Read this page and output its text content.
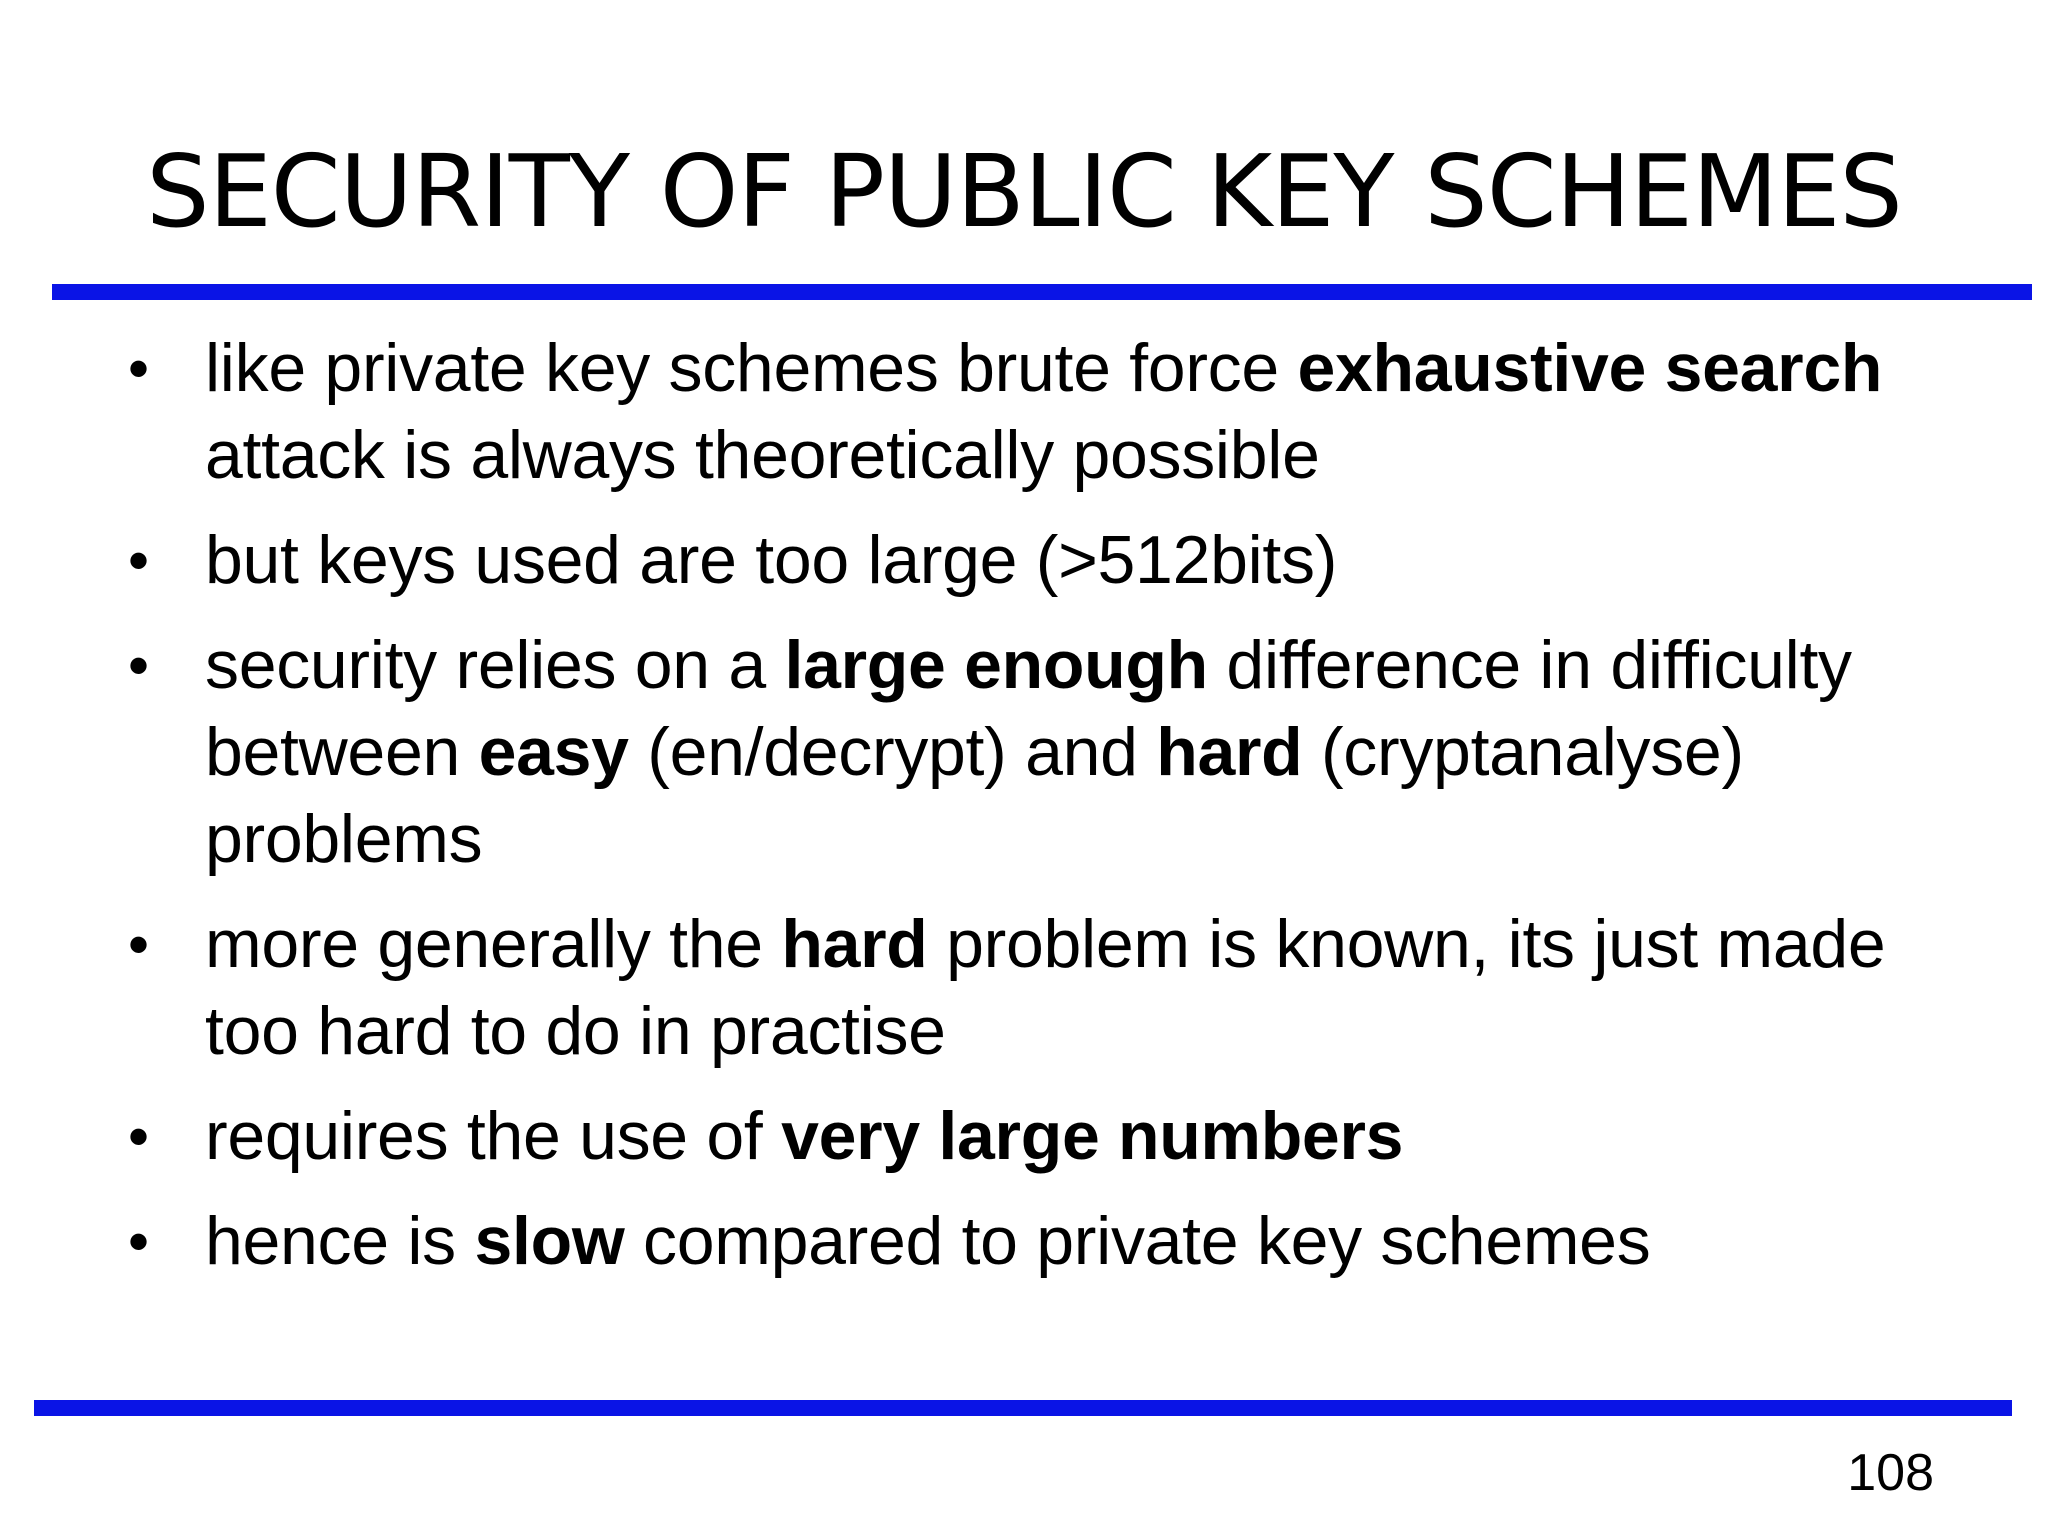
SECURITY OF PUBLIC KEY SCHEMES
• like private key schemes brute force exhaustive search attack is always theoretically possible
• but keys used are too large (>512bits)
• security relies on a large enough difference in difficulty between easy (en/decrypt) and hard (cryptanalyse) problems
• more generally the hard problem is known, its just made too hard to do in practise
• requires the use of very large numbers
• hence is slow compared to private key schemes
108
